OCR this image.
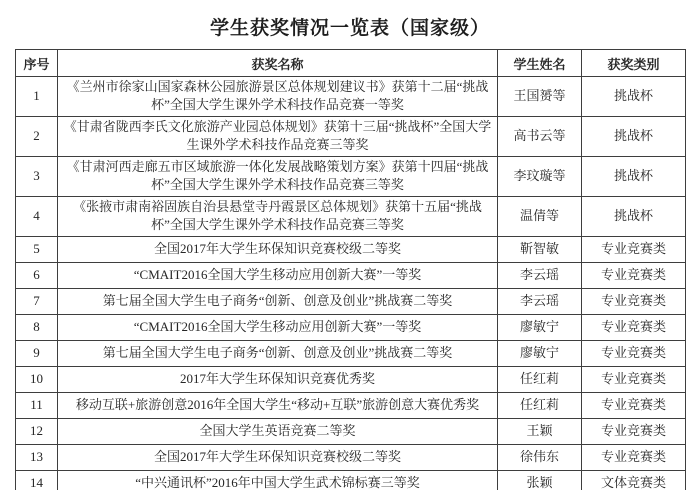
学生获奖情况一览表（国家级）
序号	获奖名称	学生姓名	获奖类别
1	《兰州市徐家山国家森林公园旅游景区总体规划建议书》获第十二届“挑战杯”全国大学生课外学术科技作品竞赛一等奖	王国赟等	挑战杯
2	《甘肃省陇西李氏文化旅游产业园总体规划》获第十三届“挑战杯”全国大学生课外学术科技作品竞赛三等奖	高书云等	挑战杯
3	《甘肃河西走廊五市区域旅游一体化发展战略策划方案》获第十四届“挑战杯”全国大学生课外学术科技作品竞赛三等奖	李玟璇等	挑战杯
4	《张掖市肃南裕固族自治县悬堂寺丹霞景区总体规划》获第十五届“挑战杯”全国大学生课外学术科技作品竞赛三等奖	温倩等	挑战杯
5	全国2017年大学生环保知识竞赛校级二等奖	靳智敏	专业竞赛类
6	“CMAIT2016全国大学生移动应用创新大赛”一等奖	李云瑶	专业竞赛类
7	第七届全国大学生电子商务“创新、创意及创业”挑战赛二等奖	李云瑶	专业竞赛类
8	“CMAIT2016全国大学生移动应用创新大赛”一等奖	廖敏宁	专业竞赛类
9	第七届全国大学生电子商务“创新、创意及创业”挑战赛二等奖	廖敏宁	专业竞赛类
10	2017年大学生环保知识竞赛优秀奖	任红莉	专业竞赛类
11	移动互联+旅游创意2016年全国大学生“移动+互联”旅游创意大赛优秀奖	任红莉	专业竞赛类
12	全国大学生英语竞赛二等奖	王颖	专业竞赛类
13	全国2017年大学生环保知识竞赛校级二等奖	徐伟东	专业竞赛类
14	“中兴通讯杯”2016年中国大学生武术锦标赛三等奖	张颖	文体竞赛类
